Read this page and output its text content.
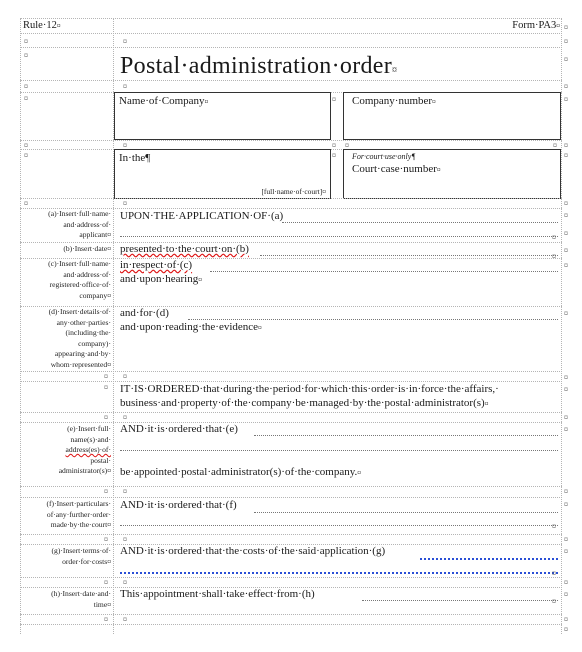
Rule·12¤	Form·PA3¤
Postal·administration·order¤
Name·of·Company¤	Company·number¤
In·the¶
[full·name·of·court]¤
For·court·use·only¶
Court·case·number¤
(a)·Insert·full·name·
and·address·of·
applicant¤
UPON·THE·APPLICATION·OF·(a)
(b)·Insert·date¤ presented·to·the·court·on·(b)
(c)·Insert·full·name·
and·address·of·
registered·office·of·
company¤
in·respect·of·(c)
and·upon·hearing¤
(d)·Insert·details·of·
any·other·parties·
(including·the·
company)·
appearing·and·by·
whom·represented¤
and·for·(d)
and·upon·reading·the·evidence¤
IT·IS·ORDERED·that·during·the·period·for·which·this·order·is·in·force·the·affairs,·
business·and·property·of·the·company·be·managed·by·the·postal·administrator(s)¤
(e)·Insert·full·
name(s)·and·
address(es)·of·
postal·
administrator(s)¤
AND·it·is·ordered·that·(e)
be·appointed·postal·administrator(s)·of·the·company.¤
(f)·Insert·particulars·
of·any·further·order·
made·by·the·court¤
AND·it·is·ordered·that·(f)
(g)·Insert·terms·of·
order·for·costs¤
AND·it·is·ordered·that·the·costs·of·the·said·application·(g)
(h)·Insert·date·and·
time¤
This·appointment·shall·take·effect·from·(h)
¤
¤
¤
¤
¤
¤
¤
¤
¤
¤
¤
¤
¤
¤
¤
¤
¤
¤
¤
¤
¤
¤
¤
¤
¤
¤ ¤
¤
¤
¤
¤
¤
¤
¤
¤
¤
¤
¤
¤
¤
¤
¤
¤
¤
¤
¤
¤
¤
¤
¤
¤
¤
¤
¤
¤
¤
¤
¤
¤
